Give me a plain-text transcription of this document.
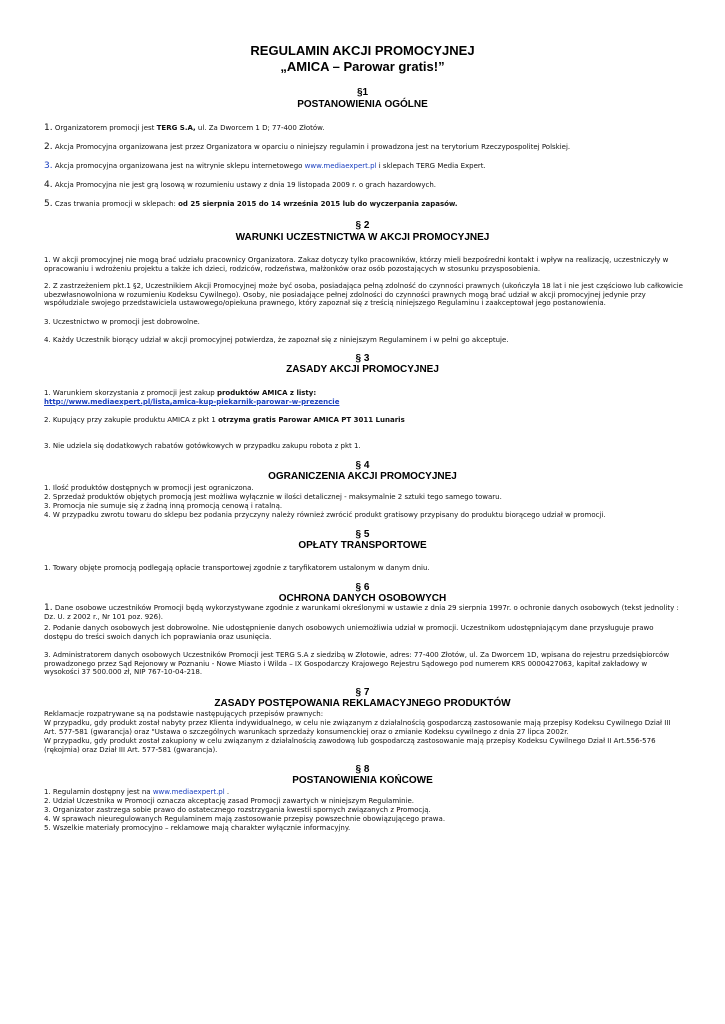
REGULAMIN AKCJI PROMOCYJNEJ
„AMICA – Parowar gratis!”
§1
POSTANOWIENIA OGÓLNE
1. Organizatorem promocji jest TERG S.A, ul. Za Dworcem 1 D; 77-400 Złotów.
2. Akcja Promocyjna organizowana jest przez Organizatora w oparciu o niniejszy regulamin i prowadzona jest na terytorium Rzeczypospolitej Polskiej.
3. Akcja promocyjna organizowana jest na witrynie sklepu internetowego www.mediaexpert.pl i sklepach TERG Media Expert.
4. Akcja Promocyjna nie jest grą losową w rozumieniu ustawy z dnia 19 listopada 2009 r. o grach hazardowych.
5. Czas trwania promocji w sklepach: od 25 sierpnia 2015 do 14 września 2015 lub do wyczerpania zapasów.
§ 2
WARUNKI UCZESTNICTWA W AKCJI PROMOCYJNEJ
1. W akcji promocyjnej nie mogą brać udziału pracownicy Organizatora. Zakaz dotyczy tylko pracowników, którzy mieli bezpośredni kontakt i wpływ na realizację, uczestniczyły w opracowaniu i wdrożeniu projektu a także ich dzieci, rodziców, rodzeństwa, małżonków oraz osób pozostających w stosunku przysposobienia.
2. Z zastrzeżeniem pkt.1 §2, Uczestnikiem Akcji Promocyjnej może być osoba, posiadająca pełną zdolność do czynności prawnych (ukończyła 18 lat i nie jest częściowo lub całkowicie ubezwłasnowolniona w rozumieniu Kodeksu Cywilnego). Osoby, nie posiadające pełnej zdolności do czynności prawnych mogą brać udział w akcji promocyjnej jedynie przy współudziale swojego przedstawiciela ustawowego/opiekuna prawnego, który zapoznał się z treścią niniejszego Regulaminu i zaakceptował jego postanowienia.
3. Uczestnictwo w promocji jest dobrowolne.
4. Każdy Uczestnik biorący udział w akcji promocyjnej potwierdza, że zapoznał się z niniejszym Regulaminem i w pełni go akceptuje.
§ 3
ZASADY AKCJI PROMOCYJNEJ
1. Warunkiem skorzystania z promocji jest zakup produktów AMICA z listy:
http://www.mediaexpert.pl/lista,amica-kup-piekarnik-parowar-w-prezencie
2. Kupujący przy zakupie produktu AMICA z pkt 1 otrzyma gratis Parowar AMICA PT 3011 Lunaris
3. Nie udziela się dodatkowych rabatów gotówkowych w przypadku zakupu robota z pkt 1.
§ 4
OGRANICZENIA AKCJI PROMOCYJNEJ
1. Ilość produktów dostępnych w promocji jest ograniczona.
2. Sprzedaż produktów objętych promocją jest możliwa wyłącznie w ilości detalicznej - maksymalnie 2 sztuki tego samego towaru.
3. Promocja nie sumuje się z żadną inną promocją cenową i ratalną.
4. W przypadku zwrotu towaru do sklepu bez podania przyczyny należy również zwrócić produkt gratisowy przypisany do produktu biorącego udział w promocji.
§ 5
OPŁATY TRANSPORTOWE
1. Towary objęte promocją podlegają opłacie transportowej zgodnie z taryfikatorem ustalonym w danym dniu.
§ 6
OCHRONA DANYCH OSOBOWYCH
1. Dane osobowe uczestników Promocji będą wykorzystywane zgodnie z warunkami określonymi w ustawie z dnia 29 sierpnia 1997r. o ochronie danych osobowych (tekst jednolity : Dz. U. z 2002 r., Nr 101 poz. 926).
2. Podanie danych osobowych jest dobrowolne. Nie udostępnienie danych osobowych uniemożliwia udział w promocji. Uczestnikom udostępniającym dane przysługuje prawo dostępu do treści swoich danych ich poprawiania oraz usunięcia.
3. Administratorem danych osobowych Uczestników Promocji jest TERG S.A z siedzibą w Złotowie, adres: 77-400 Złotów, ul. Za Dworcem 1D, wpisana do rejestru przedsiębiorców prowadzonego przez Sąd Rejonowy w Poznaniu - Nowe Miasto i Wilda – IX Gospodarczy Krajowego Rejestru Sądowego pod numerem KRS 0000427063, kapitał zakładowy w wysokości 37 500.000 zł, NIP 767-10-04-218.
§ 7
ZASADY POSTĘPOWANIA REKLAMACYJNEGO PRODUKTÓW
Reklamacje rozpatrywane są na podstawie następujących przepisów prawnych:
W przypadku, gdy produkt został nabyty przez Klienta indywidualnego, w celu nie związanym z działalnością gospodarczą zastosowanie mają przepisy Kodeksu Cywilnego Dział III Art. 577-581 (gwarancja) oraz "Ustawa o szczególnych warunkach sprzedaży konsumenckiej oraz o zmianie Kodeksu cywilnego z dnia 27 lipca 2002r.
W przypadku, gdy produkt został zakupiony w celu związanym z działalnością zawodową lub gospodarczą zastosowanie mają przepisy Kodeksu Cywilnego Dział II Art.556-576 (rękojmia) oraz Dział III Art. 577-581 (gwarancja).
§ 8
POSTANOWIENIA KOŃCOWE
1. Regulamin dostępny jest na www.mediaexpert.pl .
2. Udział Uczestnika w Promocji oznacza akceptację zasad Promocji zawartych w niniejszym Regulaminie.
3. Organizator zastrzega sobie prawo do ostatecznego rozstrzygania kwestii spornych związanych z Promocją.
4. W sprawach nieuregulowanych Regulaminem mają zastosowanie przepisy powszechnie obowiązującego prawa.
5. Wszelkie materiały promocyjno – reklamowe mają charakter wyłącznie informacyjny.
